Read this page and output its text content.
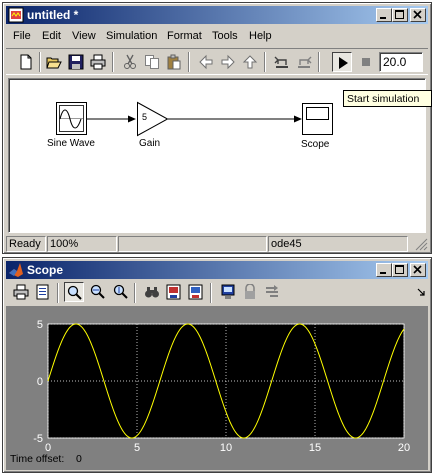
untitled *
File Edit View Simulation Format Tools Help
20.0
5
Sine Wave	Gain	Scope
Ready 100%	ode45
Start simulation
Scope
0	5	10	15	20
-5
0
5
Time offset: 0
